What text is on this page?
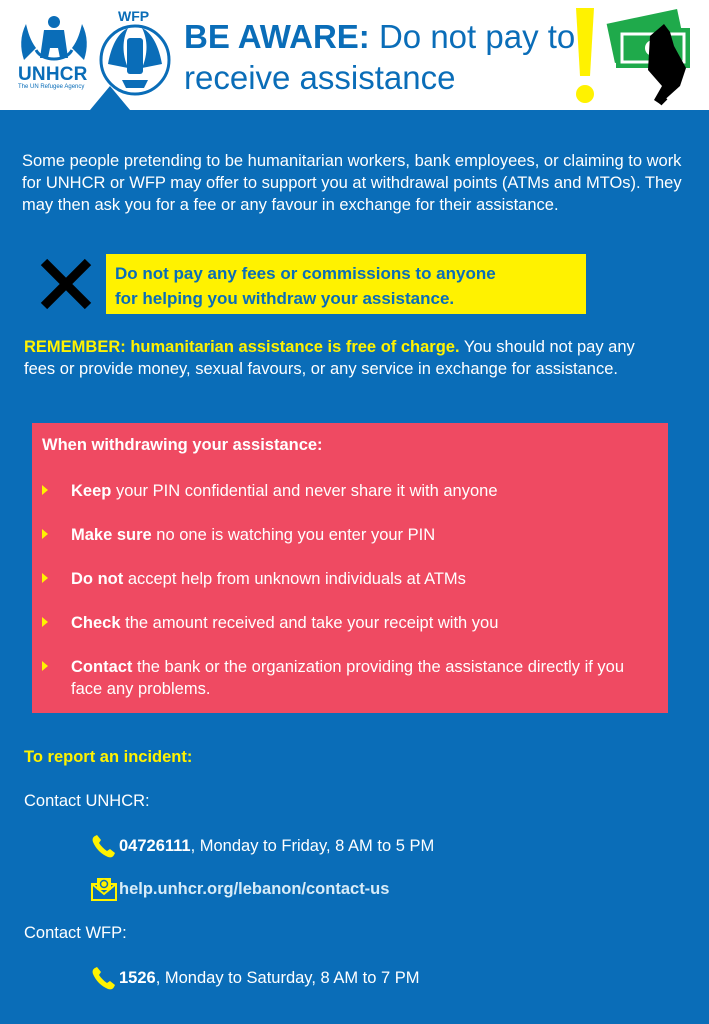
UNHCR
The UN Refugee Agency
WFP
BE AWARE: Do not pay to receive assistance

Some people pretending to be humanitarian workers, bank employees, or claiming to work for UNHCR or WFP may offer to support you at withdrawal points (ATMs and MTOs). They may then ask you for a fee or any favour in exchange for their assistance.

Do not pay any fees or commissions to anyone
for helping you withdraw your assistance.

REMEMBER: humanitarian assistance is free of charge. You should not pay any fees or provide money, sexual favours, or any service in exchange for assistance.

When withdrawing your assistance:
Keep your PIN confidential and never share it with anyone
Make sure no one is watching you enter your PIN
Do not accept help from unknown individuals at ATMs
Check the amount received and take your receipt with you
Contact the bank or the organization providing the assistance directly if you face any problems.
To report an incident:
Contact UNHCR:
04726111 , Monday to Friday, 8 AM to 5 PM
help.unhcr.org/lebanon/contact-us
Contact WFP:
1526 , Monday to Saturday, 8 AM to 7 PM
